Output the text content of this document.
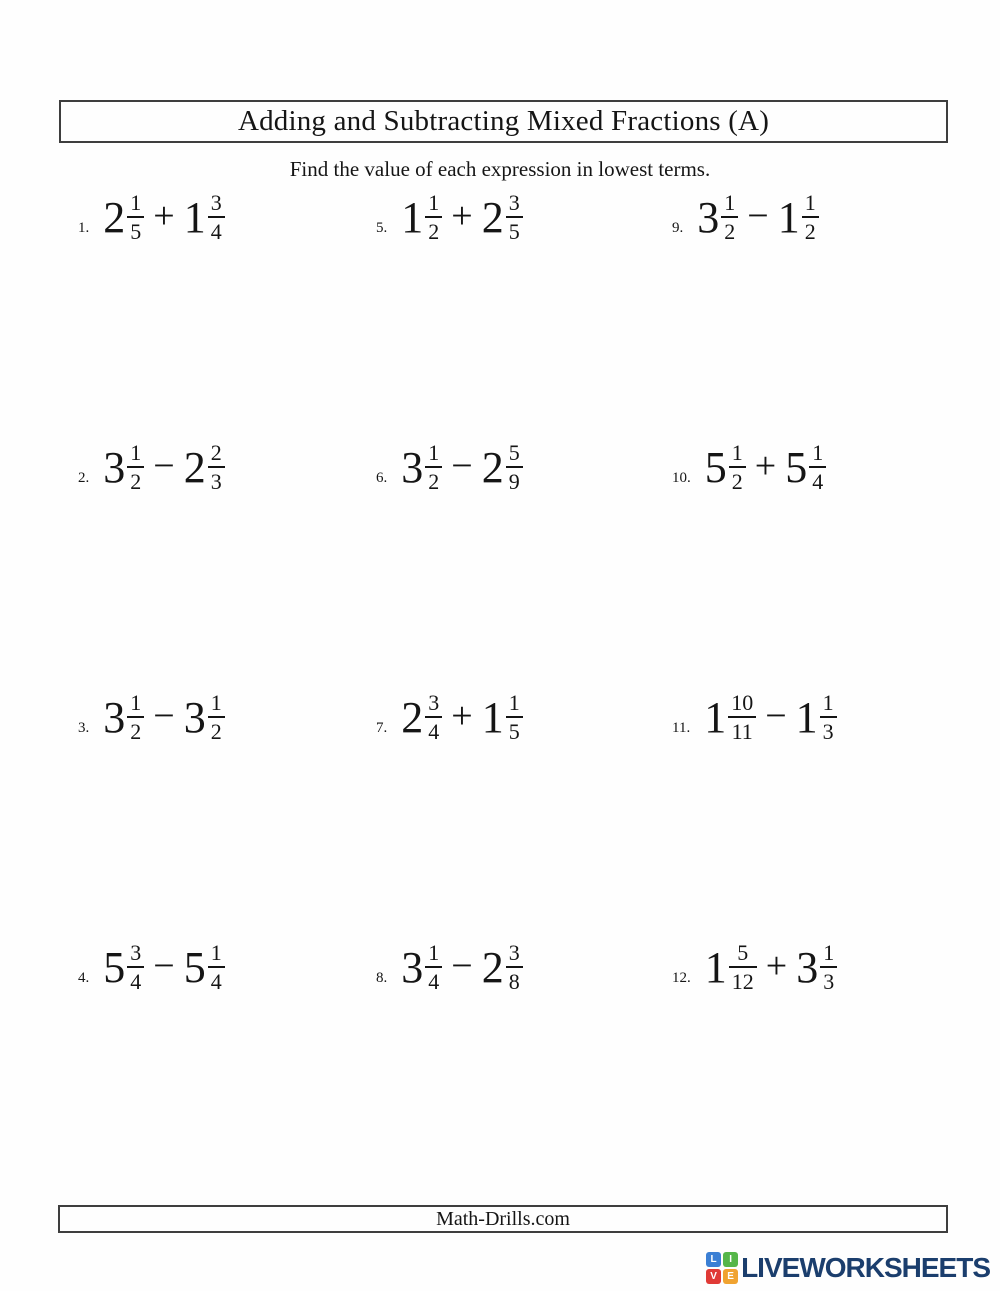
Adding and Subtracting Mixed Fractions (A)
Find the value of each expression in lowest terms.
1. $2 \frac{1}{5} + 1 \frac{3}{4}$	5. $1 \frac{1}{2} + 2 \frac{3}{5}$	9. $3 \frac{1}{2} - 1 \frac{1}{2}$
2. $3 \frac{1}{2} - 2 \frac{2}{3}$	6. $3 \frac{1}{2} - 2 \frac{5}{9}$	10. $5 \frac{1}{2} + 5 \frac{1}{4}$
3. $3 \frac{1}{2} - 3 \frac{1}{2}$	7. $2 \frac{3}{4} + 1 \frac{1}{5}$	11. $1 \frac{10}{11} - 1 \frac{1}{3}$
4. $5 \frac{3}{4} - 5 \frac{1}{4}$	8. $3 \frac{1}{4} - 2 \frac{3}{8}$	12. $1 \frac{5}{12} + 3 \frac{1}{3}$
Math-Drills.com
L	I
V	E LIVEWORKSHEETS
